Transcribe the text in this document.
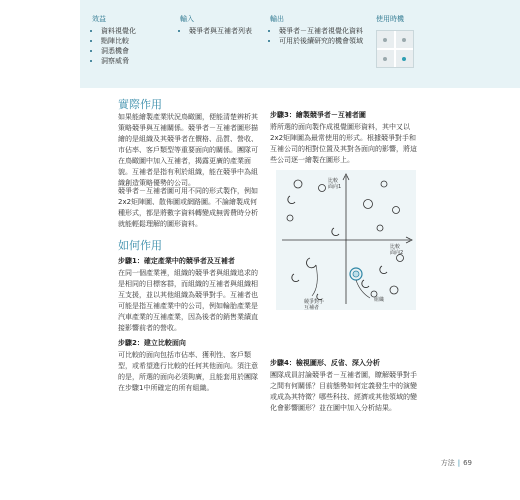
效益
• 資料視覺化
• 點陣比較
• 洞悉機會
• 洞察威脅
輸入
• 競爭者與互補者列表
輸出
• 競爭者－互補者視覺化資料
• 可用於後續研究的機會領域
使用時機
實際作用
如果能繪製產業狀況鳥瞰圖，便能清楚辨析其策略競爭與互補關係。競爭者－互補者圖形描繪的是組織及其競爭者在價格、品質、營收、市佔率、客戶類型等重要面向的關係。團隊可在鳥瞰圖中加入互補者，揭露更廣的產業面貌。互補者是指有利於組織，能在競爭中為組織創造策略優勢的公司。
競爭者－互補者圖可用不同的形式製作，例如2x2矩陣圖、散佈圖或網路圖。不論繪製成何種形式，都是將數字資料轉變成無需費時分析就能輕鬆理解的圖形資料。
如何作用
步驟1：確定產業中的競爭者及互補者
在同一個產業裡，組織的競爭者與組織追求的是相同的目標客群，而組織的互補者與組織相互支援，並以其他組織為競爭對手。互補者也可能是指互補產業中的公司，例如輪胎產業是汽車產業的互補產業，因為後者的銷售業績直接影響前者的營收。
步驟2：建立比較面向
可比較的面向包括市佔率、獲利性、客戶類型，或希望進行比較的任何其他面向。須注意的是，所選的面向必須夠廣，且能套用於團隊在步驟1中所確定的所有組織。
步驟3：繪製競爭者－互補者圖
將所選的面向製作成視覺圖形資料，其中又以2x2矩陣圖為最常使用的形式。根據競爭對手和互補公司的相對位置及其對各面向的影響，將這些公司逐一繪製在圖形上。
比較
面向1
比較
面向2
競爭對手
互補者
組織
步驟4：檢視圖形、反省、深入分析
團隊成員討論競爭者－互補者圖，瞭解競爭對手之間有何關係？目前態勢如何定義發生中的演變或成為其特徵？哪些科技、經濟或其他領域的變化會影響圖形？並在圖中加入分析結果。
方法 | 69
